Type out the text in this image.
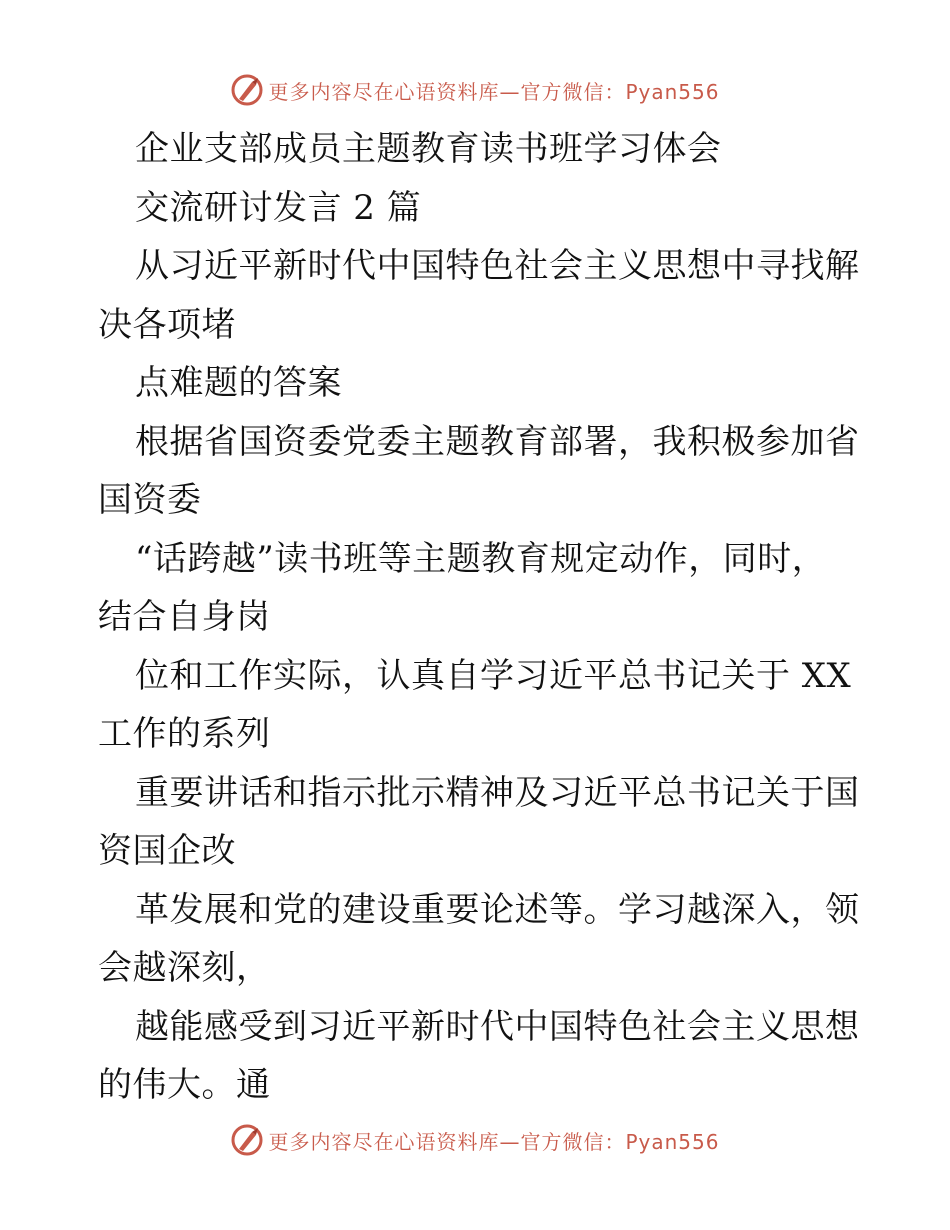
更多内容尽在心语资料库—官方微信：Pyan556
企业支部成员主题教育读书班学习体会
交流研讨发言 2 篇
从习近平新时代中国特色社会主义思想中寻找解
决各项堵
点难题的答案
根据省国资委党委主题教育部署，我积极参加省
国资委
“话跨越”读书班等主题教育规定动作，同时，
结合自身岗
位和工作实际，认真自学习近平总书记关于 XX
工作的系列
重要讲话和指示批示精神及习近平总书记关于国
资国企改
革发展和党的建设重要论述等。学习越深入，领
会越深刻，
越能感受到习近平新时代中国特色社会主义思想
的伟大。通
更多内容尽在心语资料库—官方微信：Pyan556
